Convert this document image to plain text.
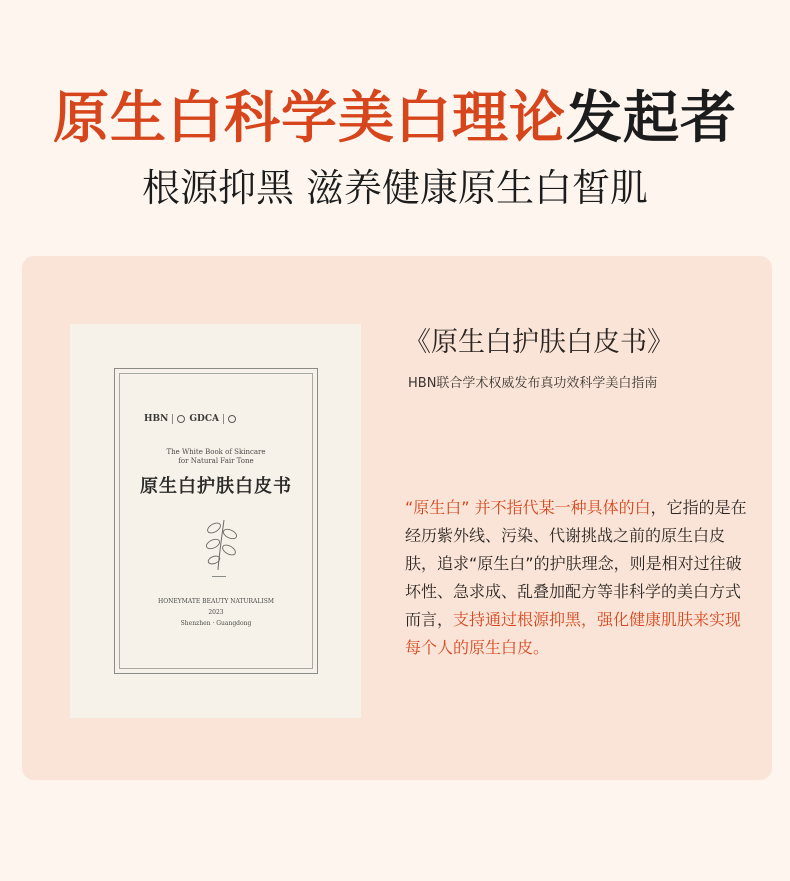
原生白科学美白理论发起者
根源抑黑 滋养健康原生白皙肌
HBN GDCA
The White Book of Skincare
for Natural Fair Tone
原生白护肤白皮书
HONEYMATE BEAUTY NATURALISM
2023
Shenzhen · Guangdong
《原生白护肤白皮书》
HBN联合学术权威发布真功效科学美白指南
“原生白” 并不指代某一种具体的白，它指的是在经历紫外线、污染、代谢挑战之前的原生白皮肤，追求“原生白”的护肤理念，则是相对过往破坏性、急求成、乱叠加配方等非科学的美白方式而言，支持通过根源抑黑，强化健康肌肤来实现每个人的原生白皮。
